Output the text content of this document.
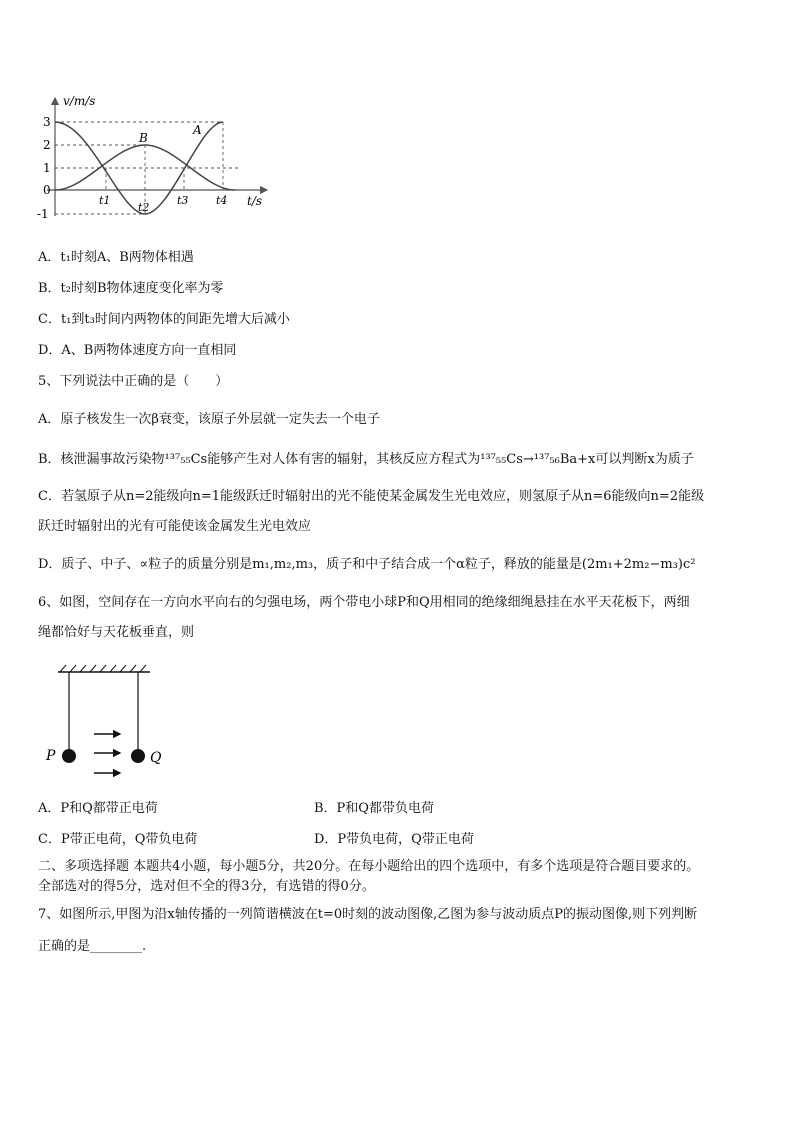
v/m/s
t/s
3
2
1
0
-1
A
B
t1
t2
t3	t4
A．t₁时刻A、B两物体相遇
B．t₂时刻B物体速度变化率为零
C．t₁到t₃时间内两物体的间距先增大后减小
D．A、B两物体速度方向一直相同
5、下列说法中正确的是（　　）
A．原子核发生一次β衰变，该原子外层就一定失去一个电子
B．核泄漏事故污染物¹³⁷₅₅Cs能够产生对人体有害的辐射，其核反应方程式为¹³⁷₅₅Cs→¹³⁷₅₆Ba+x可以判断x为质子
C．若氢原子从n=2能级向n=1能级跃迁时辐射出的光不能使某金属发生光电效应，则氢原子从n=6能级向n=2能级
跃迁时辐射出的光有可能使该金属发生光电效应
D．质子、中子、∝粒子的质量分别是m₁,m₂,m₃，质子和中子结合成一个α粒子，释放的能量是(2m₁+2m₂−m₃)c²
6、如图，空间存在一方向水平向右的匀强电场，两个带电小球P和Q用相同的绝缘细绳悬挂在水平天花板下，两细
绳都恰好与天花板垂直，则
P	Q
A．P和Q都带正电荷	B．P和Q都带负电荷
C．P带正电荷，Q带负电荷	D．P带负电荷，Q带正电荷
二、多项选择题 本题共4小题，每小题5分，共20分。在每小题给出的四个选项中，有多个选项是符合题目要求的。
全部选对的得5分，选对但不全的得3分，有选错的得0分。
7、如图所示,甲图为沿x轴传播的一列简谐横波在t=0时刻的波动图像,乙图为参与波动质点P的振动图像,则下列判断
正确的是________.
